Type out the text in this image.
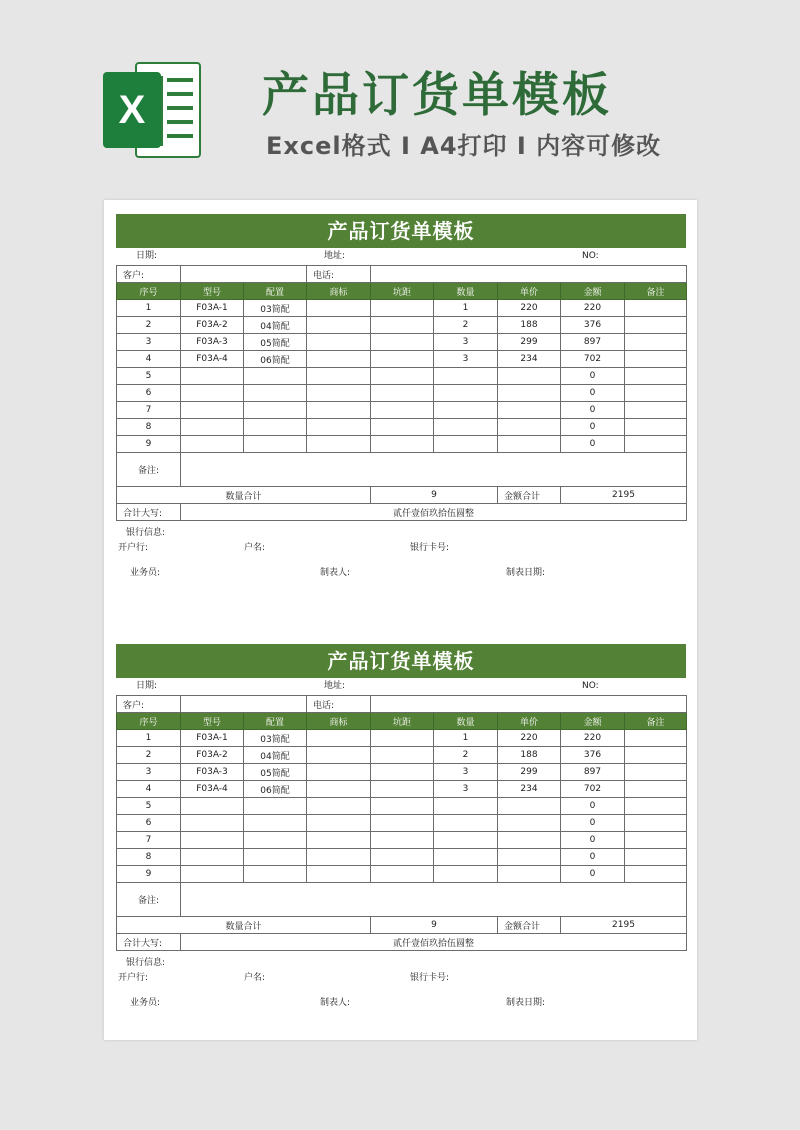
X	产品订货单模板
Excel格式 I A4打印 I 内容可修改
产品订货单模板
日期:	地址:	NO:
客户:			电话:					
序号	型号	配置	商标	坑距	数量	单价	金额	备注
1	F03A-1	03简配			1	220	220	
2	F03A-2	04简配			2	188	376	
3	F03A-3	05简配			3	299	897	
4	F03A-4	06简配			3	234	702	
5							0	
6							0	
7							0	
8							0	
9							0	
备注:								
数量合计				9		金额合计	2195	
合计大写:	贰仟壹佰玖拾伍圆整							
银行信息:
开户行:	户名:	银行卡号:
业务员:	制表人:	制表日期:
产品订货单模板
日期:	地址:	NO:
客户:			电话:					
序号	型号	配置	商标	坑距	数量	单价	金额	备注
1	F03A-1	03简配			1	220	220	
2	F03A-2	04简配			2	188	376	
3	F03A-3	05简配			3	299	897	
4	F03A-4	06简配			3	234	702	
5							0	
6							0	
7							0	
8							0	
9							0	
备注:								
数量合计				9		金额合计	2195	
合计大写:	贰仟壹佰玖拾伍圆整							
银行信息:
开户行:	户名:	银行卡号:
业务员:	制表人:	制表日期:
